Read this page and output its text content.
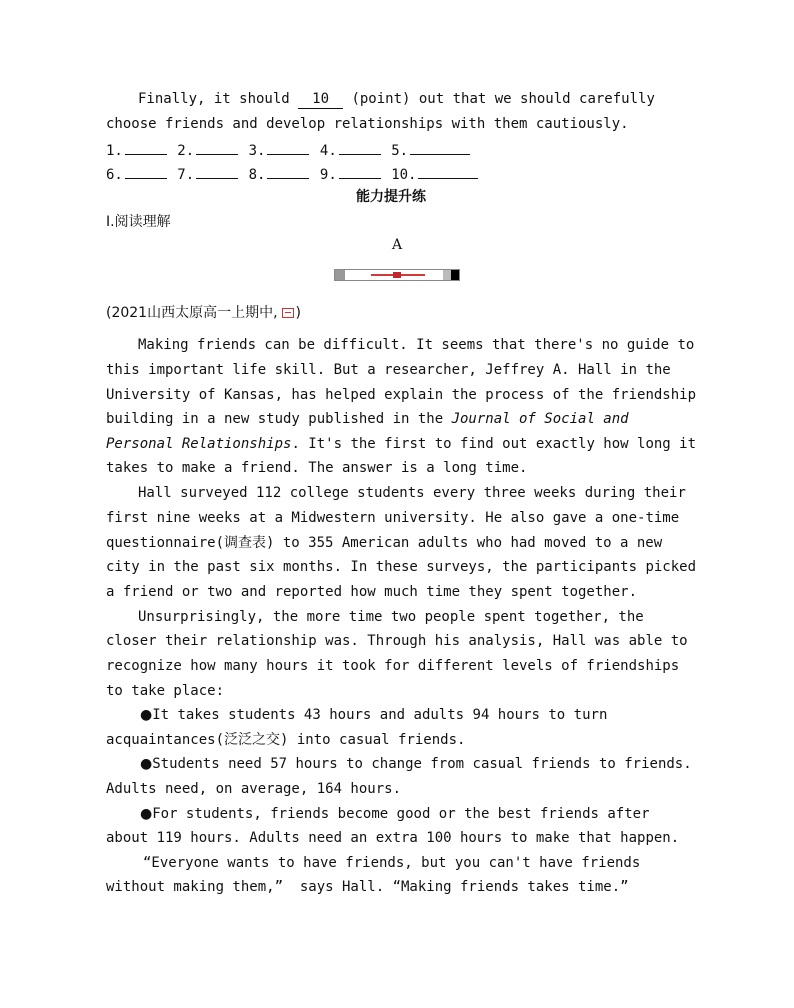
Finally, it should 10 (point) out that we should carefully
choose friends and develop relationships with them cautiously.
1.	2.	3.	4.	5.
6.	7.	8.	9.	10.
能力提升练
Ⅰ.阅读理解
A
(2021山西太原高一上期中, )
Making friends can be difficult. It seems that there's no guide to
this important life skill. But a researcher, Jeffrey A. Hall in the
University of Kansas, has helped explain the process of the friendship
building in a new study published in the Journal of Social and
Personal Relationships. It's the first to find out exactly how long it
takes to make a friend. The answer is a long time.
Hall surveyed 112 college students every three weeks during their
first nine weeks at a Midwestern university. He also gave a one-time
questionnaire(调查表) to 355 American adults who had moved to a new
city in the past six months. In these surveys, the participants picked
a friend or two and reported how much time they spent together.
Unsurprisingly, the more time two people spent together, the
closer their relationship was. Through his analysis, Hall was able to
recognize how many hours it took for different levels of friendships
to take place:
●It takes students 43 hours and adults 94 hours to turn
acquaintances(泛泛之交) into casual friends.
●Students need 57 hours to change from casual friends to friends.
Adults need, on average, 164 hours.
●For students, friends become good or the best friends after
about 119 hours. Adults need an extra 100 hours to make that happen.
“Everyone wants to have friends, but you can't have friends
without making them,”  says Hall. “Making friends takes time.”
